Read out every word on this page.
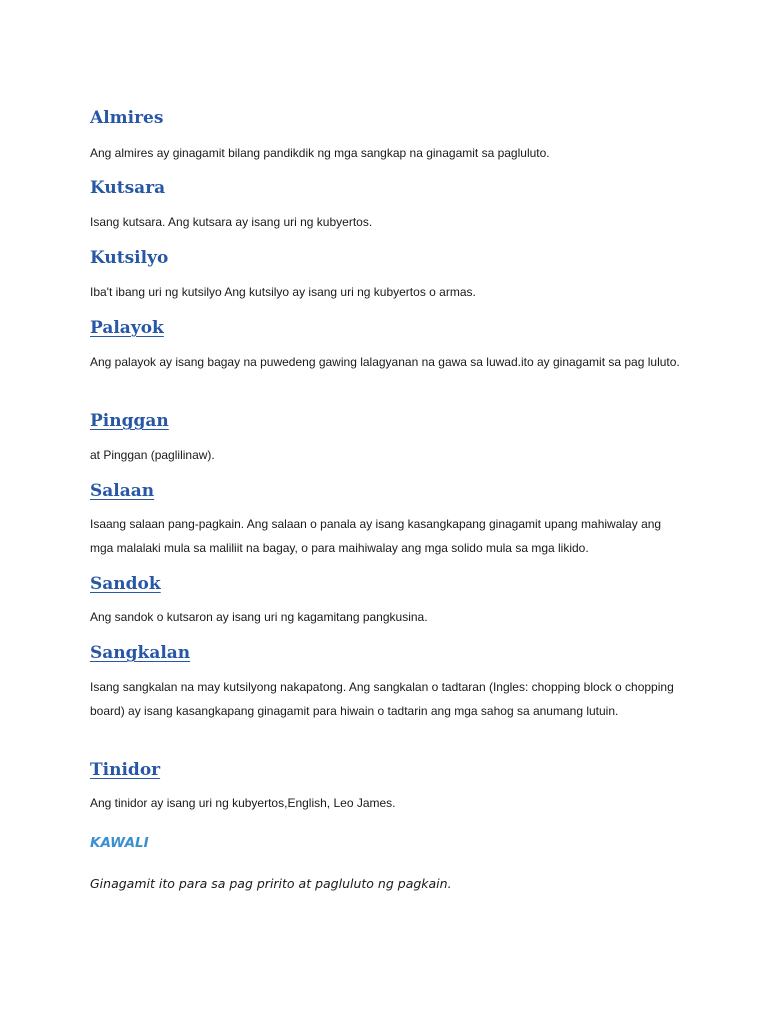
Almires

Ang almires ay ginagamit bilang pandikdik ng mga sangkap na ginagamit sa pagluluto.

Kutsara

Isang kutsara. Ang kutsara ay isang uri ng kubyertos.

Kutsilyo

Iba't ibang uri ng kutsilyo Ang kutsilyo ay isang uri ng kubyertos o armas.

Palayok

Ang palayok ay isang bagay na puwedeng gawing lalagyanan na gawa sa luwad.ito ay ginagamit sa pag luluto.

Pinggan

at Pinggan (paglilinaw).

Salaan

Isaang salaan pang-pagkain. Ang salaan o panala ay isang kasangkapang ginagamit upang mahiwalay ang mga malalaki mula sa maliliit na bagay, o para maihiwalay ang mga solido mula sa mga likido.

Sandok

Ang sandok o kutsaron ay isang uri ng kagamitang pangkusina.

Sangkalan

Isang sangkalan na may kutsilyong nakapatong. Ang sangkalan o tadtaran (Ingles: chopping block o chopping board) ay isang kasangkapang ginagamit para hiwain o tadtarin ang mga sahog sa anumang lutuin.

Tinidor

Ang tinidor ay isang uri ng kubyertos,English, Leo James.

KAWALI

Ginagamit ito para sa pag pririto at pagluluto ng pagkain.
